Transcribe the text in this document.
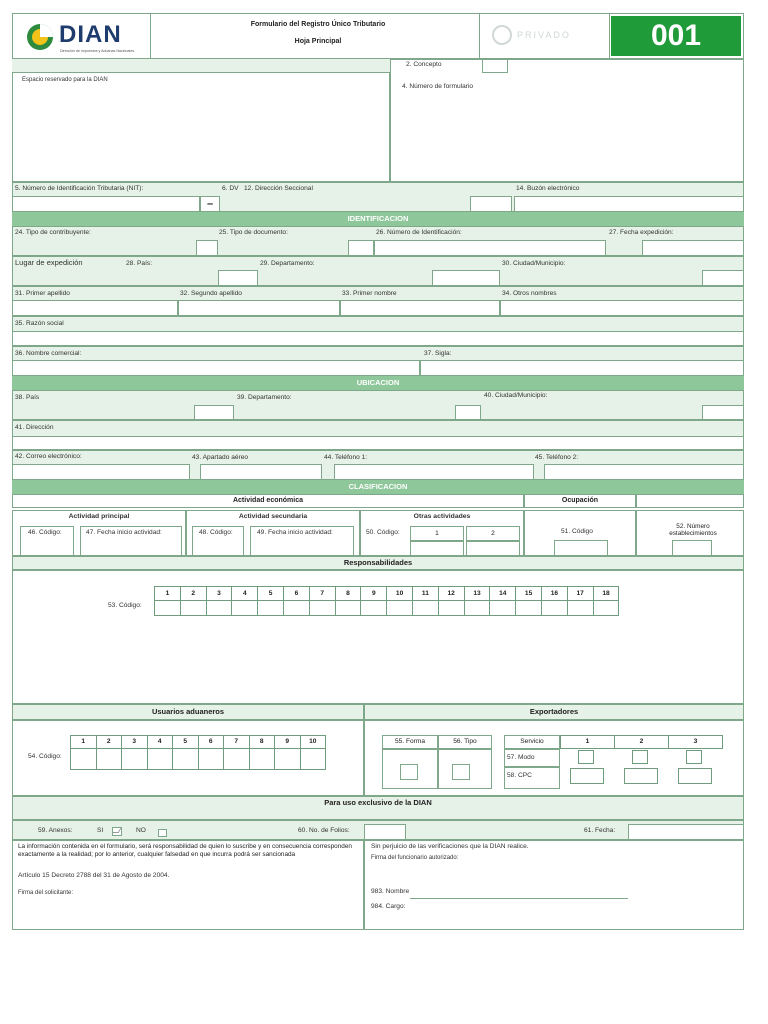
DIAN
Dirección de Impuestos y Aduanas Nacionales
Formulario del Registro Único Tributario
Hoja Principal
PRIVADO	001
2. Concepto
Espacio reservado para la DIAN
4. Número de formulario
5. Número de Identificación Tributaria (NIT):	6. DV
–
12. Dirección Seccional	14. Buzón electrónico
IDENTIFICACION
24. Tipo de contribuyente:	25. Tipo de documento:	26. Número de Identificación:	27. Fecha expedición:
Lugar de expedición	28. País:	29. Departamento:	30. Ciudad/Municipio:
31. Primer apellido	32. Segundo apellido	33. Primer nombre	34. Otros nombres
35. Razón social
36. Nombre comercial:	37. Sigla:
UBICACION
38. País	39. Departamento:	40. Ciudad/Municipio:
41. Dirección
42. Correo electrónico:	43. Apartado aéreo	44. Teléfono 1:	45. Teléfono 2:
CLASIFICACION
Actividad económica	Ocupación
Actividad principal
46. Código:	47. Fecha inicio actividad:
Actividad secundaria
48. Código:	49. Fecha inicio actividad:
Otras actividades
50. Código:	1	2	51. Código
52. Número establecimientos
Responsabilidades
53. Código:
1	2	3	4	5	6	7	8	9	10	11	12	13	14	15	16	17	18
Usuarios aduaneros	Exportadores
54. Código:
1	2	3	4	5	6	7	8	9	10	55. Forma	56. Tipo	Servicio	1	2	3
57. Modo
58. CPC
Para uso exclusivo de la DIAN
59. Anexos:	SI	NO	60. No. de Folios:	61. Fecha:
La información contenida en el formulario, será responsabilidad de quien lo suscribe y en consecuencia corresponden exactamente a la realidad; por lo anterior, cualquier falsedad en que incurra podrá ser sancionada
Artículo 15 Decreto 2788 del 31 de Agosto de 2004.
Firma del solicitante:
Sin perjuicio de las verificaciones que la DIAN realice.
Firma del funcionario autorizado:
983. Nombre
984. Cargo:
